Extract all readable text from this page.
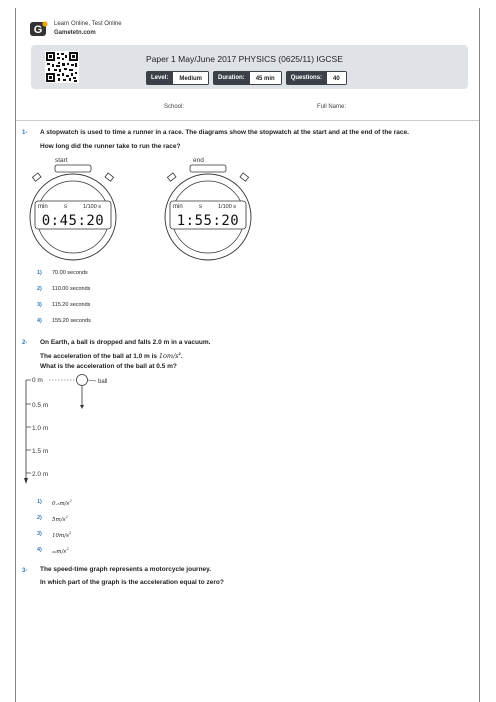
G Learn Online, Test Online
Gametetn.com
Paper 1 May/June 2017 PHYSICS (0625/11) IGCSE
Level:	Medium	Duration:	45 min	Questions:	40
School:	Full Name:
1- A stopwatch is used to time a runner in a race. The diagrams show the stopwatch at the start and at the end of the race.
How long did the runner take to run the race?
start	end
min	s	1/100 s
0:45:20
min	s	1/100 s
1:55:20
1) 70.00 seconds
2) 110.00 seconds
3) 115.20 seconds
4) 155.20 seconds
2- On Earth, a ball is dropped and falls 2.0 m in a vacuum.
The acceleration of the ball at 1.0 m is $1om/s^2$.
What is the acceleration of the ball at 0.5 m?
0 m
0.5 m
1.0 m
1.5 m
2.0 m
ball
1) $0._5m/s^2$
2) $5m/s^2$
3) $10m/s^2$
4) ₂₀m/$s^2$
3- The speed-time graph represents a motorcycle journey.
In which part of the graph is the acceleration equal to zero?
